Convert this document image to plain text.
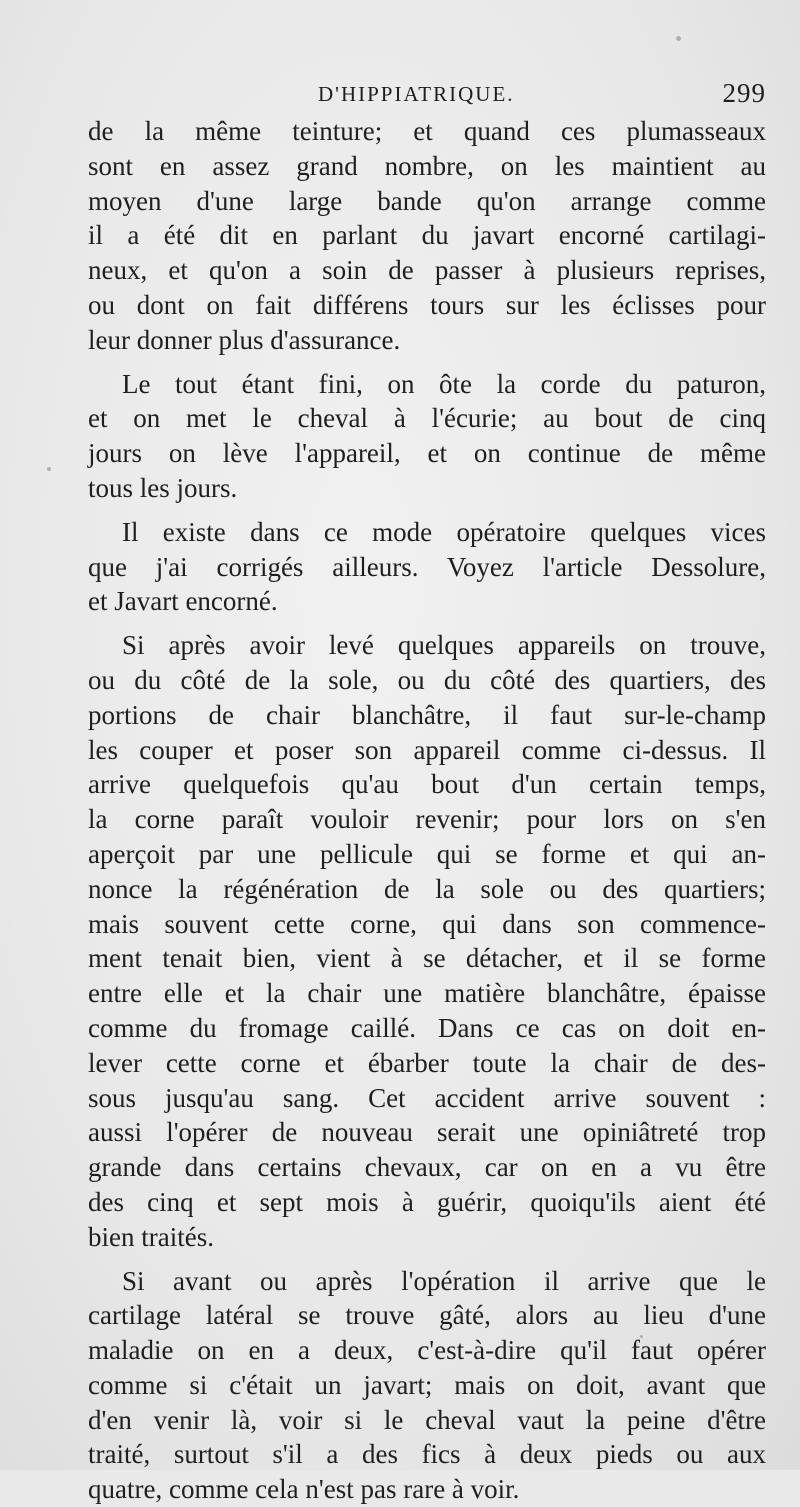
D'HIPPIATRIQUE.	299
de la même teinture; et quand ces plumasseaux
sont en assez grand nombre, on les maintient au
moyen d'une large bande qu'on arrange comme
il a été dit en parlant du javart encorné cartilagi-
neux, et qu'on a soin de passer à plusieurs reprises,
ou dont on fait différens tours sur les éclisses pour
leur donner plus d'assurance.
Le tout étant fini, on ôte la corde du paturon,
et on met le cheval à l'écurie; au bout de cinq
jours on lève l'appareil, et on continue de même
tous les jours.
Il existe dans ce mode opératoire quelques vices
que j'ai corrigés ailleurs. Voyez l'article Dessolure,
et Javart encorné.
Si après avoir levé quelques appareils on trouve,
ou du côté de la sole, ou du côté des quartiers, des
portions de chair blanchâtre, il faut sur-le-champ
les couper et poser son appareil comme ci-dessus. Il
arrive quelquefois qu'au bout d'un certain temps,
la corne paraît vouloir revenir; pour lors on s'en
aperçoit par une pellicule qui se forme et qui an-
nonce la régénération de la sole ou des quartiers;
mais souvent cette corne, qui dans son commence-
ment tenait bien, vient à se détacher, et il se forme
entre elle et la chair une matière blanchâtre, épaisse
comme du fromage caillé. Dans ce cas on doit en-
lever cette corne et ébarber toute la chair de des-
sous jusqu'au sang. Cet accident arrive souvent :
aussi l'opérer de nouveau serait une opiniâtreté trop
grande dans certains chevaux, car on en a vu être
des cinq et sept mois à guérir, quoiqu'ils aient été
bien traités.
Si avant ou après l'opération il arrive que le
cartilage latéral se trouve gâté, alors au lieu d'une
maladie on en a deux, c'est-à-dire qu'il faut opérer
comme si c'était un javart; mais on doit, avant que
d'en venir là, voir si le cheval vaut la peine d'être
traité, surtout s'il a des fics à deux pieds ou aux
quatre, comme cela n'est pas rare à voir.
